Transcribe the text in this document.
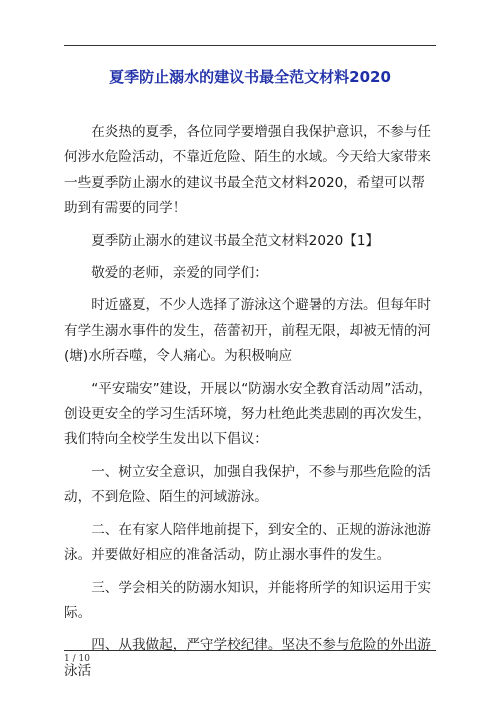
夏季防止溺水的建议书最全范文材料2020

在炎热的夏季，各位同学要增强自我保护意识，不参与任何涉水危险活动，不靠近危险、陌生的水域。今天给大家带来一些夏季防止溺水的建议书最全范文材料2020，希望可以帮助到有需要的同学！

夏季防止溺水的建议书最全范文材料2020【1】

敬爱的老师，亲爱的同学们：

时近盛夏，不少人选择了游泳这个避暑的方法。但每年时有学生溺水事件的发生，蓓蕾初开，前程无限，却被无情的河(塘)水所吞噬，令人痛心。为积极响应

“平安瑞安”建设，开展以“防溺水安全教育活动周”活动，创设更安全的学习生活环境，努力杜绝此类悲剧的再次发生，我们特向全校学生发出以下倡议：

一、树立安全意识，加强自我保护，不参与那些危险的活动，不到危险、陌生的河域游泳。

二、在有家人陪伴地前提下，到安全的、正规的游泳池游泳。并要做好相应的准备活动，防止溺水事件的发生。

三、学会相关的防溺水知识，并能将所学的知识运用于实际。

四、从我做起，严守学校纪律。坚决不参与危险的外出游泳活

1 / 10
